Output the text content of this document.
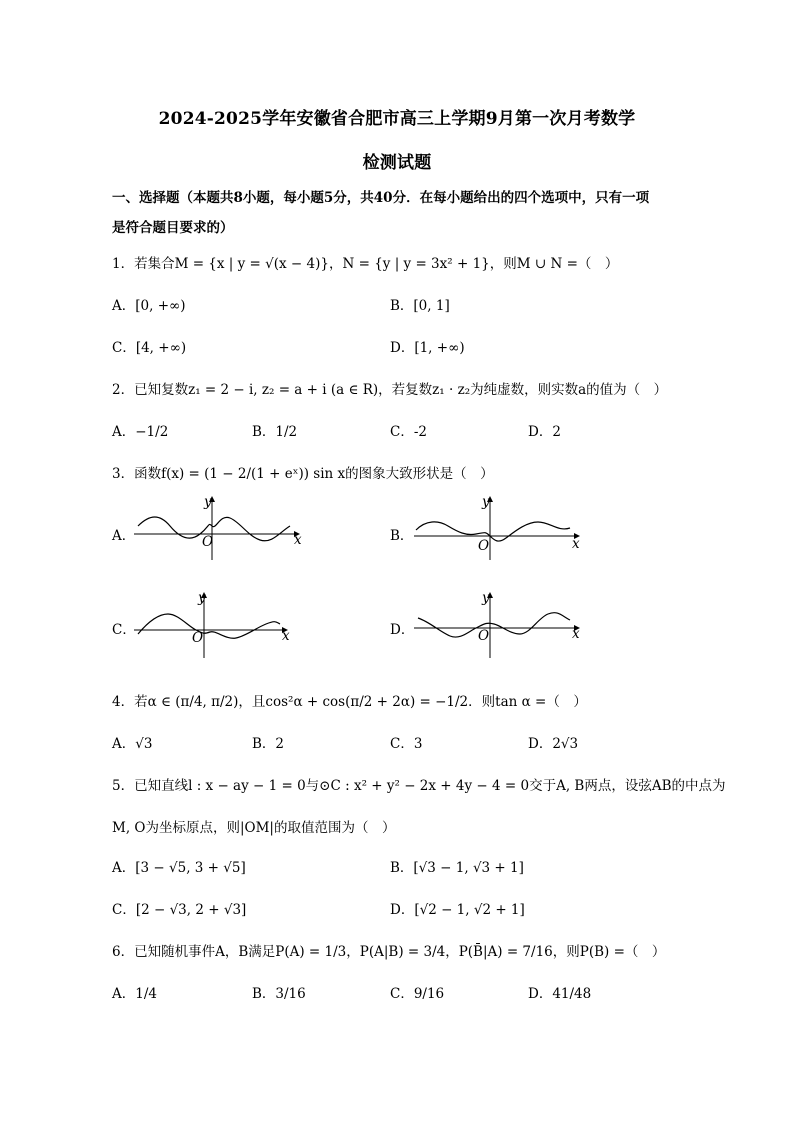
2024-2025学年安徽省合肥市高三上学期9月第一次月考数学
检测试题
一、选择题（本题共8小题，每小题5分，共40分．在每小题给出的四个选项中，只有一项
是符合题目要求的）
1．若集合M = {x | y = √(x − 4)}，N = {y | y = 3x² + 1}，则M ∪ N =（　）
A．[0, +∞)	B．[0, 1]
C．[4, +∞)	D．[1, +∞)
2．已知复数z₁ = 2 − i, z₂ = a + i (a ∈ R)，若复数z₁ · z₂为纯虚数，则实数a的值为（　）
A．−1/2	B．1/2	C．-2	D．2
3．函数f(x) = (1 − 2/(1 + eˣ)) sin x的图象大致形状是（　）
A．
y
x
O	B．
y
x
O
C．
y
x
O	D．
y
x
O
4．若α ∈ (π/4, π/2)，且cos²α + cos(π/2 + 2α) = −1/2．则tan α =（　）
A．√3	B．2	C．3	D．2√3
5．已知直线l : x − ay − 1 = 0与⊙C : x² + y² − 2x + 4y − 4 = 0交于A, B两点，设弦AB的中点为
M, O为坐标原点，则|OM|的取值范围为（　）
A．[3 − √5, 3 + √5]	B．[√3 − 1, √3 + 1]
C．[2 − √3, 2 + √3]	D．[√2 − 1, √2 + 1]
6．已知随机事件A，B满足P(A) = 1/3，P(A|B) = 3/4，P(B̄|A) = 7/16，则P(B) =（　）
A．1/4	B．3/16	C．9/16	D．41/48
